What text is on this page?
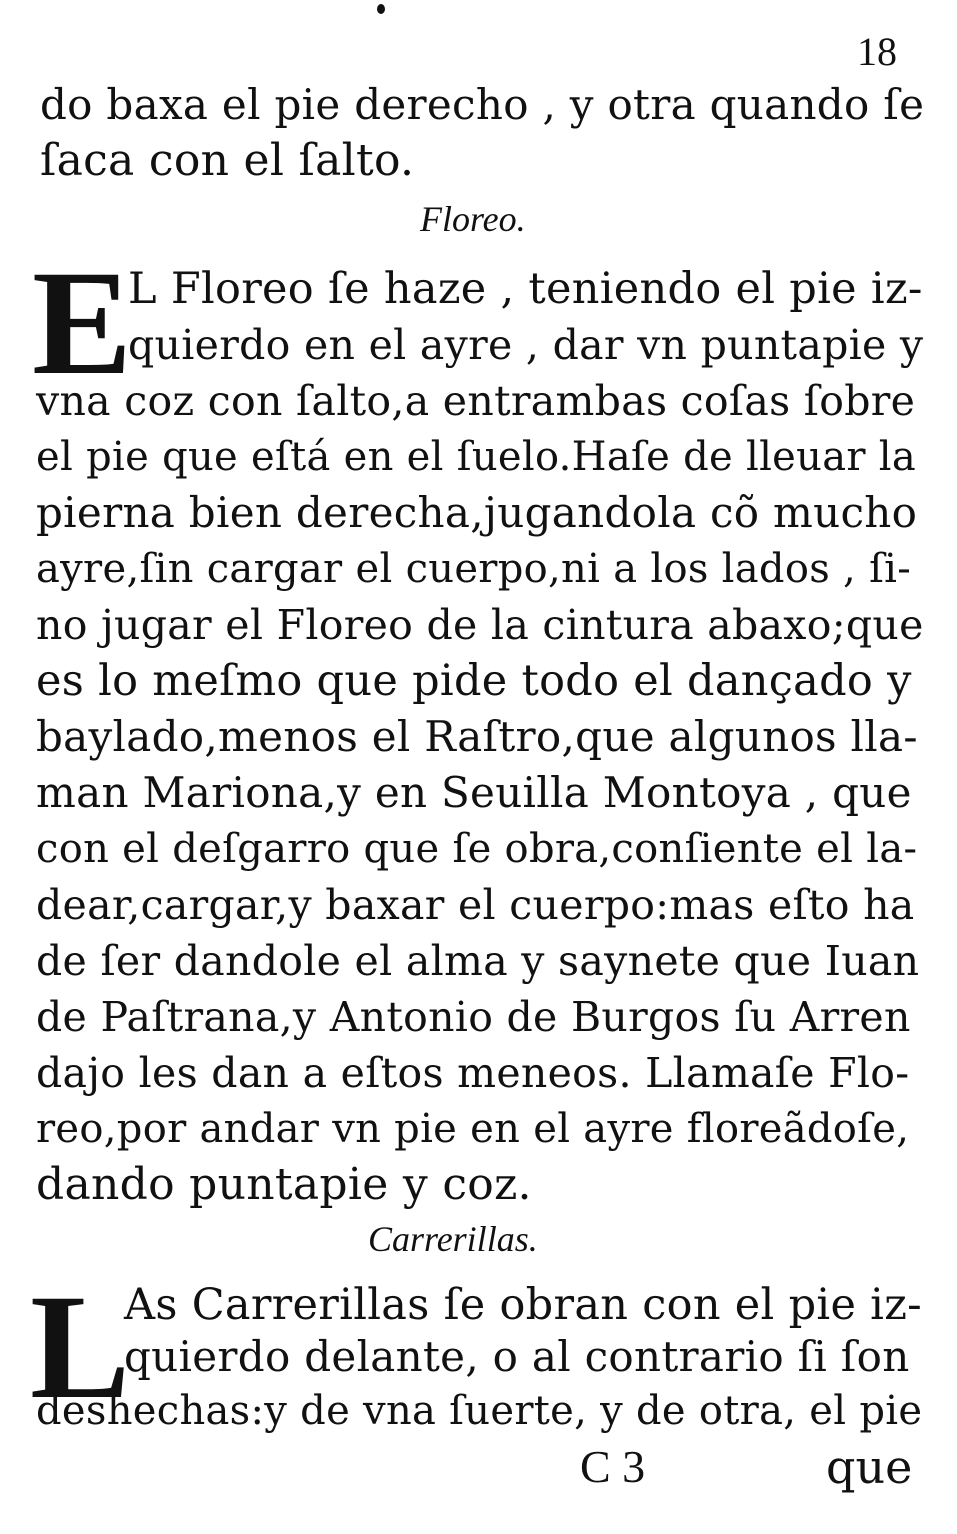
18
do baxa el pie derecho , y otra quando ſe
ſaca con el ſalto.
Floreo.
E
L Floreo ſe haze , teniendo el pie iz-
quierdo en el ayre , dar vn puntapie y
vna coz con ſalto,a entrambas coſas ſobre
el pie que eſtá en el ſuelo.Haſe de lleuar la
pierna bien derecha,jugandola cõ mucho
ayre,ſin cargar el cuerpo,ni a los lados , ſi-
no jugar el Floreo de la cintura abaxo;que
es lo meſmo que pide todo el dançado y
baylado,menos el Raſtro,que algunos lla-
man Mariona,y en Seuilla Montoya , que
con el deſgarro que ſe obra,conſiente el la-
dear,cargar,y baxar el cuerpo:mas eſto ha
de ſer dandole el alma y saynete que Iuan
de Paſtrana,y Antonio de Burgos ſu Arren
dajo les dan a eſtos meneos. Llamaſe Flo-
reo,por andar vn pie en el ayre floreãdoſe,
dando puntapie y coz.
Carrerillas.
L
As Carrerillas ſe obran con el pie iz-
quierdo delante, o al contrario ſi ſon
deshechas:y de vna ſuerte, y de otra, el pie
C 3	que
